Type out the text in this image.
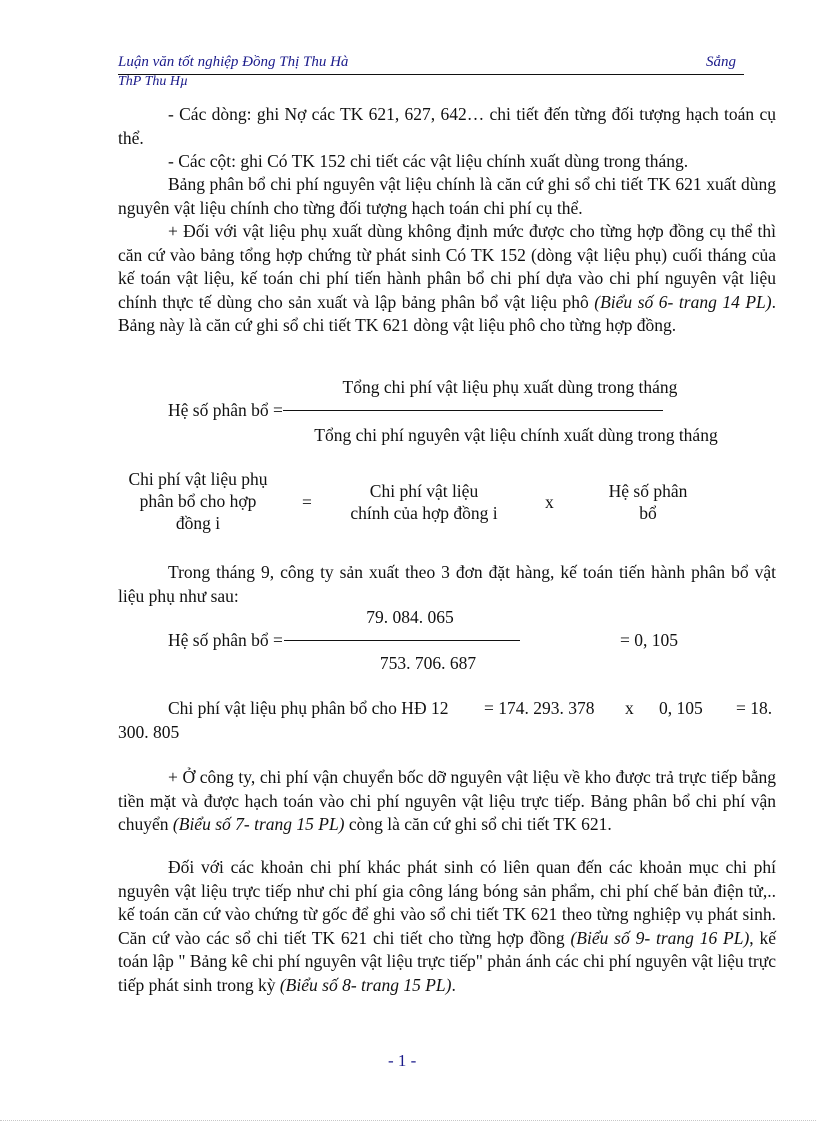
Luận văn tốt nghiệp Đồng Thị Thu Hà	Sắng
ThP Thu Hµ
- Các dòng: ghi Nợ các TK 621, 627, 642… chi tiết đến từng đối tượng hạch toán cụ thể.
- Các cột: ghi Có TK 152 chi tiết các vật liệu chính xuất dùng trong tháng.
Bảng phân bổ chi phí nguyên vật liệu chính là căn cứ ghi sổ chi tiết TK 621 xuất dùng nguyên vật liệu chính cho từng đối tượng hạch toán chi phí cụ thể.
+ Đối với vật liệu phụ xuất dùng không định mức được cho từng hợp đồng cụ thể thì căn cứ vào bảng tổng hợp chứng từ phát sinh Có TK 152 (dòng vật liệu phụ) cuối tháng của kế toán vật liệu, kế toán chi phí tiến hành phân bổ chi phí dựa vào chi phí nguyên vật liệu chính thực tế dùng cho sản xuất và lập bảng phân bổ vật liệu phô (Biểu số 6- trang 14 PL). Bảng này là căn cứ ghi sổ chi tiết TK 621 dòng vật liệu phô cho từng hợp đồng.
Tổng chi phí vật liệu phụ xuất dùng trong tháng
Hệ số phân bổ =
Tổng chi phí nguyên vật liệu chính xuất dùng trong tháng
Chi phí vật liệu phụ
phân bổ cho hợp
đồng i
=
Chi phí vật liệu
chính của hợp đồng i
x
Hệ số phân
bổ
Trong tháng 9, công ty sản xuất theo 3 đơn đặt hàng, kế toán tiến hành phân bổ vật liệu phụ như sau:
79. 084. 065
Hệ số phân bổ =	= 0, 105
753. 706. 687
Chi phí vật liệu phụ phân bổ cho HĐ 12 = 174. 293. 378 x 0, 105 = 18.
300. 805
+ Ở công ty, chi phí vận chuyển bốc dỡ nguyên vật liệu về kho được trả trực tiếp bằng tiền mặt và được hạch toán vào chi phí nguyên vật liệu trực tiếp. Bảng phân bổ chi phí vận chuyển (Biểu số 7- trang 15 PL) còng là căn cứ ghi sổ chi tiết TK 621.
Đối với các khoản chi phí khác phát sinh có liên quan đến các khoản mục chi phí nguyên vật liệu trực tiếp như chi phí gia công láng bóng sản phẩm, chi phí chế bản điện tử,.. kế toán căn cứ vào chứng từ gốc để ghi vào sổ chi tiết TK 621 theo từng nghiệp vụ phát sinh. Căn cứ vào các sổ chi tiết TK 621 chi tiết cho từng hợp đồng (Biểu số 9- trang 16 PL), kế toán lập " Bảng kê chi phí nguyên vật liệu trực tiếp" phản ánh các chi phí nguyên vật liệu trực tiếp phát sinh trong kỳ (Biểu số 8- trang 15 PL).
- 1 -
